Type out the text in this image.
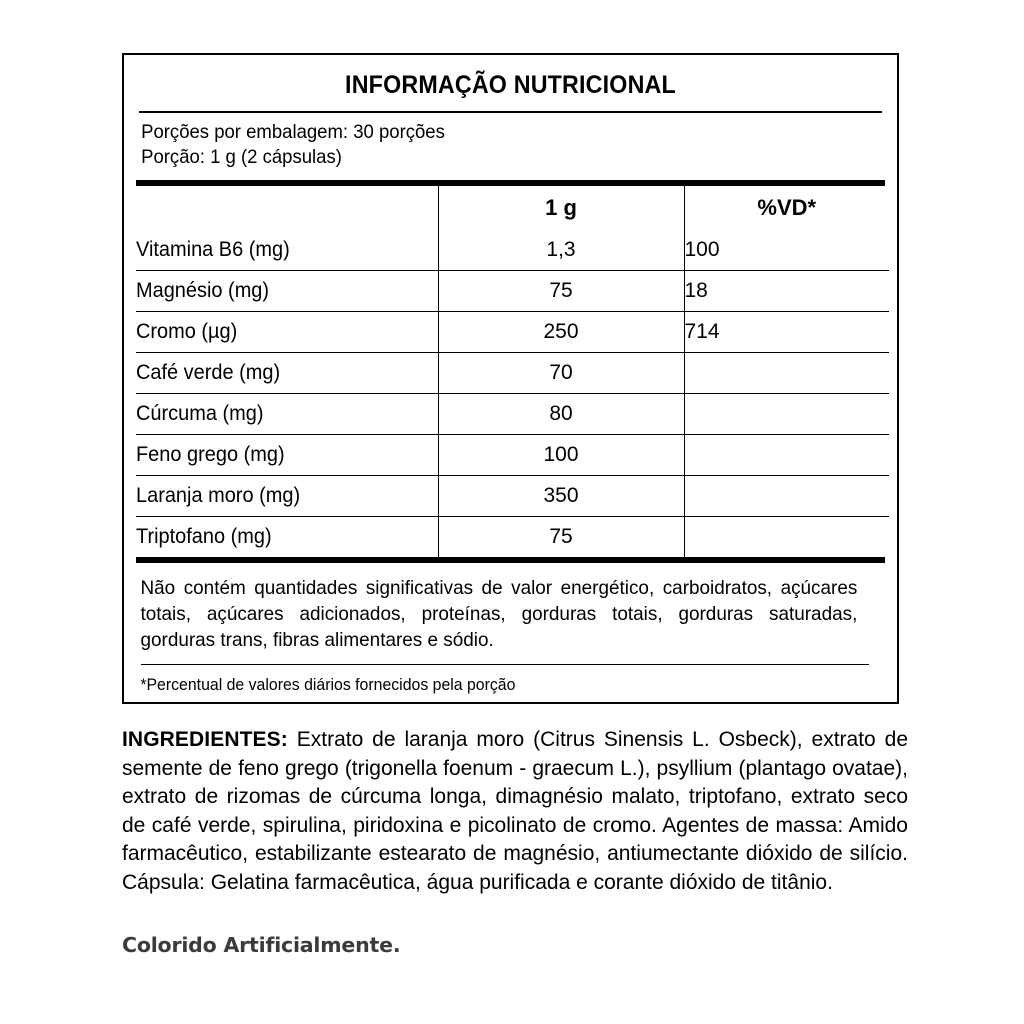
INFORMAÇÃO NUTRICIONAL
Porções por embalagem: 30 porções
Porção: 1 g (2 cápsulas)
	1 g	%VD*
Vitamina B6 (mg)	1,3	100
Magnésio (mg)	75	18
Cromo (µg)	250	714
Café verde (mg)	70	
Cúrcuma (mg)	80	
Feno grego (mg)	100	
Laranja moro (mg)	350	
Triptofano (mg)	75	
Não contém quantidades significativas de valor energético, carboidratos, açúcares totais, açúcares adicionados, proteínas, gorduras totais, gorduras saturadas, gorduras trans, fibras alimentares e sódio.
*Percentual de valores diários fornecidos pela porção
INGREDIENTES: Extrato de laranja moro (Citrus Sinensis L. Osbeck), extrato de semente de feno grego (trigonella foenum - graecum L.), psyllium (plantago ovatae), extrato de rizomas de cúrcuma longa, dimagnésio malato, triptofano, extrato seco de café verde, spirulina, piridoxina e picolinato de cromo. Agentes de massa: Amido farmacêutico, estabilizante estearato de magnésio, antiumectante dióxido de silício. Cápsula: Gelatina farmacêutica, água purificada e corante dióxido de titânio.
Colorido Artificialmente.
